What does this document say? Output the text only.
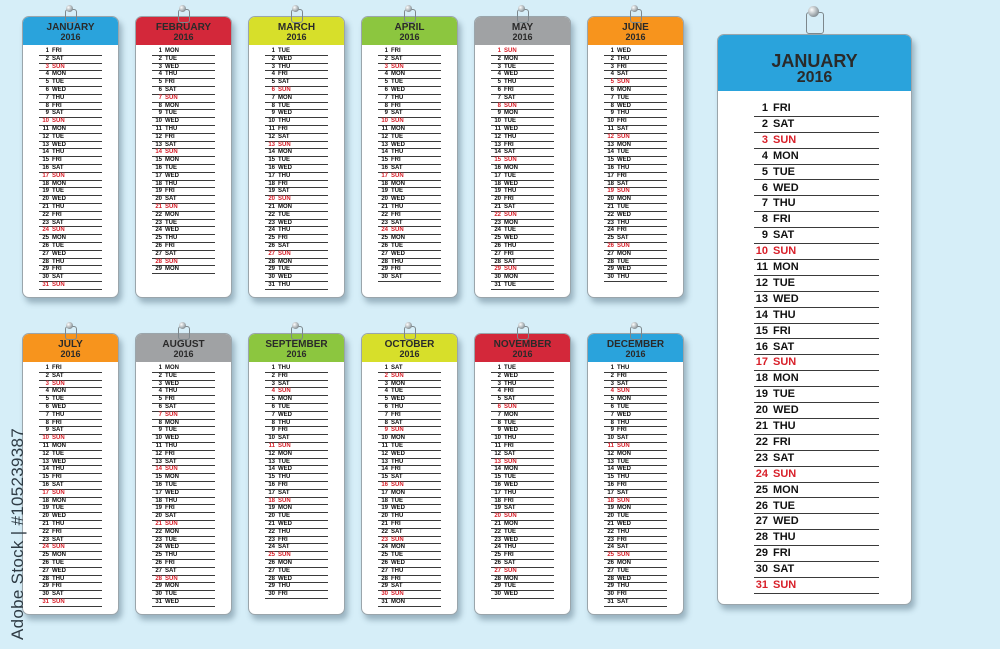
JANUARY
2016
1 FRI
2 SAT
3 SUN
4 MON
5 TUE
6 WED
7 THU
8 FRI
9 SAT
10 SUN
11 MON
12 TUE
13 WED
14 THU
15 FRI
16 SAT
17 SUN
18 MON
19 TUE
20 WED
21 THU
22 FRI
23 SAT
24 SUN
25 MON
26 TUE
27 WED
28 THU
29 FRI
30 SAT
31 SUN
FEBRUARY
2016
1 MON
2 TUE
3 WED
4 THU
5 FRI
6 SAT
7 SUN
8 MON
9 TUE
10 WED
11 THU
12 FRI
13 SAT
14 SUN
15 MON
16 TUE
17 WED
18 THU
19 FRI
20 SAT
21 SUN
22 MON
23 TUE
24 WED
25 THU
26 FRI
27 SAT
28 SUN
29 MON
MARCH
2016
1 TUE
2 WED
3 THU
4 FRI
5 SAT
6 SUN
7 MON
8 TUE
9 WED
10 THU
11 FRI
12 SAT
13 SUN
14 MON
15 TUE
16 WED
17 THU
18 FRI
19 SAT
20 SUN
21 MON
22 TUE
23 WED
24 THU
25 FRI
26 SAT
27 SUN
28 MON
29 TUE
30 WED
31 THU
APRIL
2016
1 FRI
2 SAT
3 SUN
4 MON
5 TUE
6 WED
7 THU
8 FRI
9 SAT
10 SUN
11 MON
12 TUE
13 WED
14 THU
15 FRI
16 SAT
17 SUN
18 MON
19 TUE
20 WED
21 THU
22 FRI
23 SAT
24 SUN
25 MON
26 TUE
27 WED
28 THU
29 FRI
30 SAT
MAY
2016
1 SUN
2 MON
3 TUE
4 WED
5 THU
6 FRI
7 SAT
8 SUN
9 MON
10 TUE
11 WED
12 THU
13 FRI
14 SAT
15 SUN
16 MON
17 TUE
18 WED
19 THU
20 FRI
21 SAT
22 SUN
23 MON
24 TUE
25 WED
26 THU
27 FRI
28 SAT
29 SUN
30 MON
31 TUE
JUNE
2016
1 WED
2 THU
3 FRI
4 SAT
5 SUN
6 MON
7 TUE
8 WED
9 THU
10 FRI
11 SAT
12 SUN
13 MON
14 TUE
15 WED
16 THU
17 FRI
18 SAT
19 SUN
20 MON
21 TUE
22 WED
23 THU
24 FRI
25 SAT
26 SUN
27 MON
28 TUE
29 WED
30 THU
JULY
2016
1 FRI
2 SAT
3 SUN
4 MON
5 TUE
6 WED
7 THU
8 FRI
9 SAT
10 SUN
11 MON
12 TUE
13 WED
14 THU
15 FRI
16 SAT
17 SUN
18 MON
19 TUE
20 WED
21 THU
22 FRI
23 SAT
24 SUN
25 MON
26 TUE
27 WED
28 THU
29 FRI
30 SAT
31 SUN
AUGUST
2016
1 MON
2 TUE
3 WED
4 THU
5 FRI
6 SAT
7 SUN
8 MON
9 TUE
10 WED
11 THU
12 FRI
13 SAT
14 SUN
15 MON
16 TUE
17 WED
18 THU
19 FRI
20 SAT
21 SUN
22 MON
23 TUE
24 WED
25 THU
26 FRI
27 SAT
28 SUN
29 MON
30 TUE
31 WED
SEPTEMBER
2016
1 THU
2 FRI
3 SAT
4 SUN
5 MON
6 TUE
7 WED
8 THU
9 FRI
10 SAT
11 SUN
12 MON
13 TUE
14 WED
15 THU
16 FRI
17 SAT
18 SUN
19 MON
20 TUE
21 WED
22 THU
23 FRI
24 SAT
25 SUN
26 MON
27 TUE
28 WED
29 THU
30 FRI
OCTOBER
2016
1 SAT
2 SUN
3 MON
4 TUE
5 WED
6 THU
7 FRI
8 SAT
9 SUN
10 MON
11 TUE
12 WED
13 THU
14 FRI
15 SAT
16 SUN
17 MON
18 TUE
19 WED
20 THU
21 FRI
22 SAT
23 SUN
24 MON
25 TUE
26 WED
27 THU
28 FRI
29 SAT
30 SUN
31 MON
NOVEMBER
2016
1 TUE
2 WED
3 THU
4 FRI
5 SAT
6 SUN
7 MON
8 TUE
9 WED
10 THU
11 FRI
12 SAT
13 SUN
14 MON
15 TUE
16 WED
17 THU
18 FRI
19 SAT
20 SUN
21 MON
22 TUE
23 WED
24 THU
25 FRI
26 SAT
27 SUN
28 MON
29 TUE
30 WED
DECEMBER
2016
1 THU
2 FRI
3 SAT
4 SUN
5 MON
6 TUE
7 WED
8 THU
9 FRI
10 SAT
11 SUN
12 MON
13 TUE
14 WED
15 THU
16 FRI
17 SAT
18 SUN
19 MON
20 TUE
21 WED
22 THU
23 FRI
24 SAT
25 SUN
26 MON
27 TUE
28 WED
29 THU
30 FRI
31 SAT
JANUARY
2016
1 FRI
2 SAT
3 SUN
4 MON
5 TUE
6 WED
7 THU
8 FRI
9 SAT
10 SUN
11 MON
12 TUE
13 WED
14 THU
15 FRI
16 SAT
17 SUN
18 MON
19 TUE
20 WED
21 THU
22 FRI
23 SAT
24 SUN
25 MON
26 TUE
27 WED
28 THU
29 FRI
30 SAT
31 SUN
Adobe Stock | #105239387
